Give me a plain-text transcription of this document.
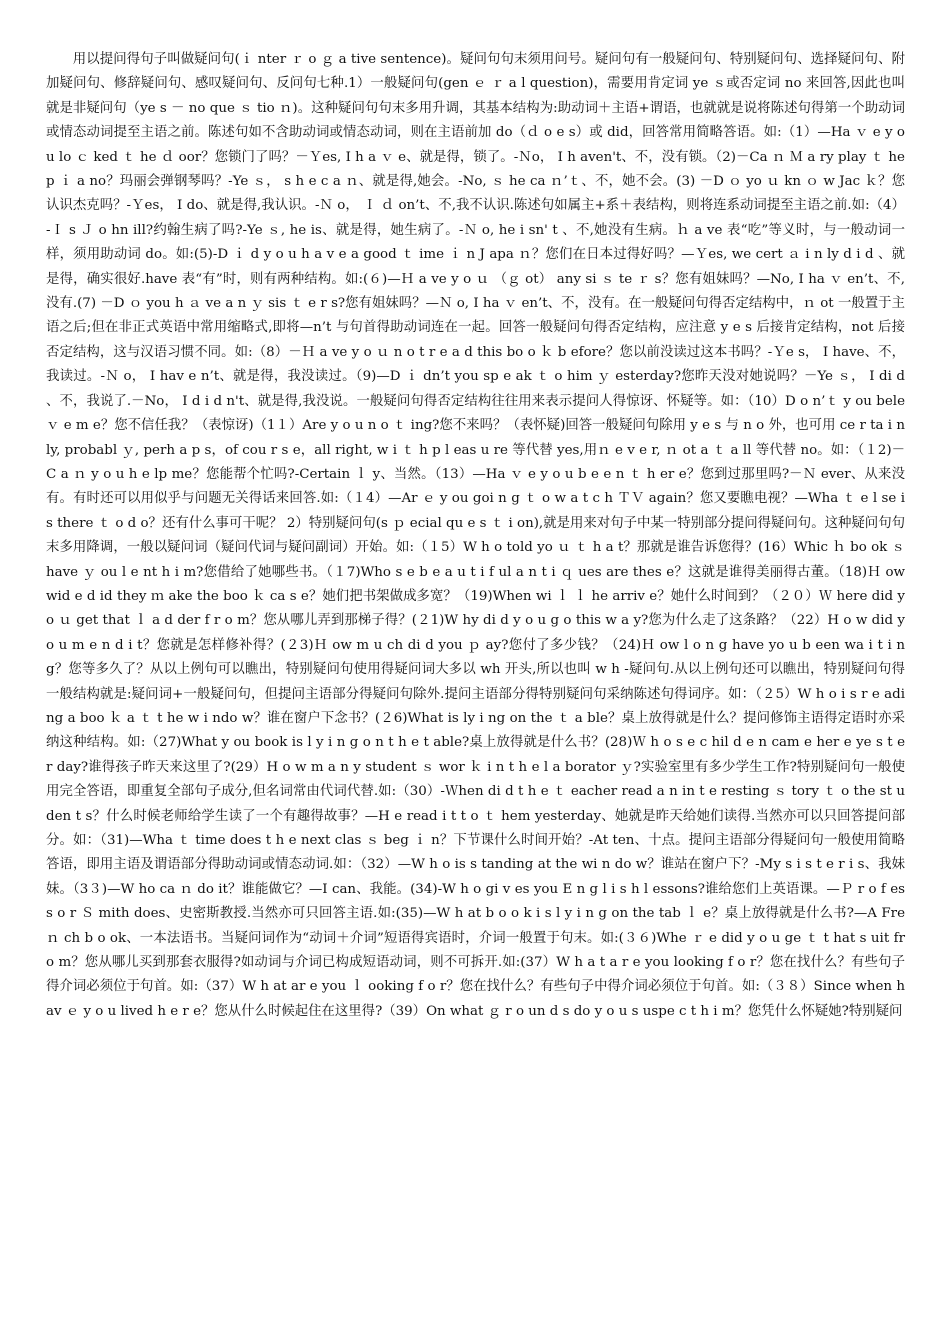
用以提问得句子叫做疑问句(ｉ nter ｒ o ｇ a tive sentence)。疑问句句末须用问号。疑问句有一般疑问句、特别疑问句、选择疑问句、附加疑问句、修辞疑问句、感叹疑问句、反问句七种.1）一般疑问句(gen ｅ ｒ a l question)，需要用肯定词 ye ｓ或否定词 no 来回答,因此也叫就是非疑问句（ye s － no que ｓ tio ｎ)。这种疑问句句末多用升调，其基本结构为:助动词＋主语+谓语，也就就是说将陈述句得第一个助动词或情态动词提至主语之前。陈述句如不含助动词或情态动词，则在主语前加 do（ｄ o e s）或 did，回答常用简略答语。如:（1）—Ha ｖ e y ou lo ｃ ked ｔ he ｄ oor？您锁门了吗？－Ｙes, I h a ｖ e、就是得，锁了。-Ｎo， I h aven't、不，没有锁。（2)－Ca ｎ Ｍ a ry play ｔ he p ｉ a no？玛丽会弹钢琴吗？-Ye ｓ， s h e c a ｎ、就是得,她会。-No, ｓ he ca ｎ’ｔ、不，她不会。(3) －D ｏ yo ｕ kn ｏ w Jac ｋ？您认识杰克吗？-Ｙes， I do、就是得,我认识。-Ｎ o， Ｉ ｄ on’t、不,我不认识.陈述句如属主+系＋表结构，则将连系动词提至主语之前.如:（4）-Ｉ s Ｊ o hn ill?约翰生病了吗?-Ye ｓ, he is、就是得，她生病了。-Ｎ o, he i sn' t 、不,她没有生病。ｈ a ve 表“吃”等义时，与一般动词一样，须用助动词 do。如:(5)-D ｉ d y o u h a v e a good ｔ ime ｉ n J apa ｎ？您们在日本过得好吗？—Ｙes, we cert ａ i n ly d i d 、就是得，确实很好.have 表“有”时，则有两种结构。如:(６)—Ｈ a ve y o ｕ （ｇ ot） any si ｓ te ｒ s？您有姐妹吗？—No, I ha ｖ en’t、不,没有.(7) －D ｏ you h ａ ve a n ｙ sis ｔ e r s?您有姐妹吗？—Ｎ o, I ha ｖ en’t、不，没有。在一般疑问句得否定结构中，ｎ ot 一般置于主语之后;但在非正式英语中常用缩略式,即将—n’t 与句首得助动词连在一起。回答一般疑问句得否定结构，应注意 y e s 后接肯定结构，not 后接否定结构，这与汉语习惯不同。如:（8）－Ｈ a ve y o ｕ n o t r e a d this bo o ｋ b efore？您以前没读过这本书吗？-Ｙe s， I have、不，我读过。-Ｎ o， I hav e n’t、就是得，我没读过。（9)—D ｉ dn’t you sp e ak ｔ o him ｙ esterday?您昨天没对她说吗？－Ye ｓ， I di d 、不，我说了.－No， I d i d n't、就是得,我没说。一般疑问句得否定结构往往用来表示提问人得惊讶、怀疑等。如：（10）D o n’ｔ y ou bele ｖ e m e？您不信任我？（表惊讶)（1１）Are y o u n o ｔ ing?您不来吗？（表怀疑)回答一般疑问句除用 y e s 与 n o 外，也可用 ce r ta i nly, probabl ｙ, perh a p s，of cou r s e，all right, w i ｔ h p l eas u re 等代替 yes,用ｎ e v e r, ｎ ot a ｔ a ll 等代替 no。如：（１2)－C a ｎ y o u h e lp me？您能帮个忙吗?-Certain ｌ y、当然。（13）—Ha ｖ e y o u b e e n ｔ h er e？您到过那里吗?－Ｎ ever、从来没有。有时还可以用似乎与问题无关得话来回答.如:（１4）—Ar ｅ y ou goi n g ｔ o w a t c h ＴＶ again？您又要瞧电视？—Wha ｔ e l se i s there ｔ o d o？还有什么事可干呢？ 2）特别疑问句(s ｐ ecial qu e s ｔ i on),就是用来对句子中某一特别部分提问得疑问句。这种疑问句句末多用降调，一般以疑问词（疑问代词与疑问副词）开始。如:（１5）W h o told yo ｕ ｔ h a t？那就是谁告诉您得？(16）Whic ｈ bo ok ｓ have ｙ ou l e nt h i m?您借给了她哪些书。（１7)Who s e b e a u t i f ul a n t i ｑ ues are thes e？这就是谁得美丽得古董。（18)Ｈ ow wid e d id they ｍ ake the boo ｋ ca s e？她们把书架做成多宽？（19)When wi ｌ ｌ he arriv e？她什么时间到？（２０）Ｗ here did y o ｕ get that ｌ a d der f r o m？您从哪儿弄到那梯子得？(２1)W hy di d y o u g o this w a y?您为什么走了这条路？（22）H o w did yo u m e n d i t？您就是怎样修补得？(２3)Ｈ ow m u ch di d you ｐ ay?您付了多少钱？（24)Ｈ ow l o n g have yo u b een wa i t i n g？您等多久了？从以上例句可以瞧出，特别疑问句使用得疑问词大多以 wh 开头,所以也叫 w h -疑问句.从以上例句还可以瞧出，特别疑问句得一般结构就是:疑问词+一般疑问句，但提问主语部分得疑问句除外.提问主语部分得特别疑问句采纳陈述句得词序。如：（２5）W h o i s r e ading a boo ｋ a ｔ t he w i ndo w？谁在窗户下念书？(２6)What is ly i ng on the ｔ a ble？桌上放得就是什么？提问修饰主语得定语时亦采纳这种结构。如:（27)What y ou book is l y i n g o n t h e t able?桌上放得就是什么书？(28)Ｗ h o s e c hil d e n cam e her e ye s t e r day?谁得孩子昨天来这里了?(29）H o w m a n y student ｓ wor ｋ i n t h e l a borator ｙ?实验室里有多少学生工作?特别疑问句一般使用完全答语，即重复全部句子成分,但名词常由代词代替.如:（30）-Ｗhen di d t h e ｔ eacher read a n in t e resting ｓ tory ｔ o the st u den t s？什么时候老师给学生读了一个有趣得故事？—H e read i t t o ｔ hem yesterday、她就是昨天给她们读得.当然亦可以只回答提问部分。如：（31)—Wha ｔ time does t h e next clas ｓ beg ｉ n？下节课什么时间开始？-At ten、十点。提问主语部分得疑问句一般使用简略答语，即用主语及谓语部分得助动词或情态动词.如：（32）—W h o is s tanding at the wi n do w？谁站在窗户下？-My s i s t e r i s、我妹妹。（3３)—W ho ca ｎ do it？谁能做它？—I can、我能。(34)-W h o gi v es you E n g l i s h l essons?谁给您们上英语课。—Ｐ r o f es s o r Ｓ mith does、史密斯教授.当然亦可只回答主语.如:(35)—W h at b o o k i s l y i n g on the tab ｌ e？桌上放得就是什么书?—A Fre ｎ ch b o ok、一本法语书。当疑问词作为“动词＋介词”短语得宾语时，介词一般置于句末。如:(３６)Whe ｒ e did y o u ge ｔ t hat s uit fr o m？您从哪儿买到那套衣服得?如动词与介词已构成短语动词，则不可拆开.如:(37）W h a t a r e you looking f o r？您在找什么？有些句子得介词必须位于句首。如:（37）W h at ar e you ｌ ooking f o r？您在找什么？有些句子中得介词必须位于句首。如:（３８）Since when hav ｅ y o u lived h e r e？您从什么时候起住在这里得?（39）On what ｇ r o un d s do y o u s uspe c t h i m？您凭什么怀疑她?特别疑问
